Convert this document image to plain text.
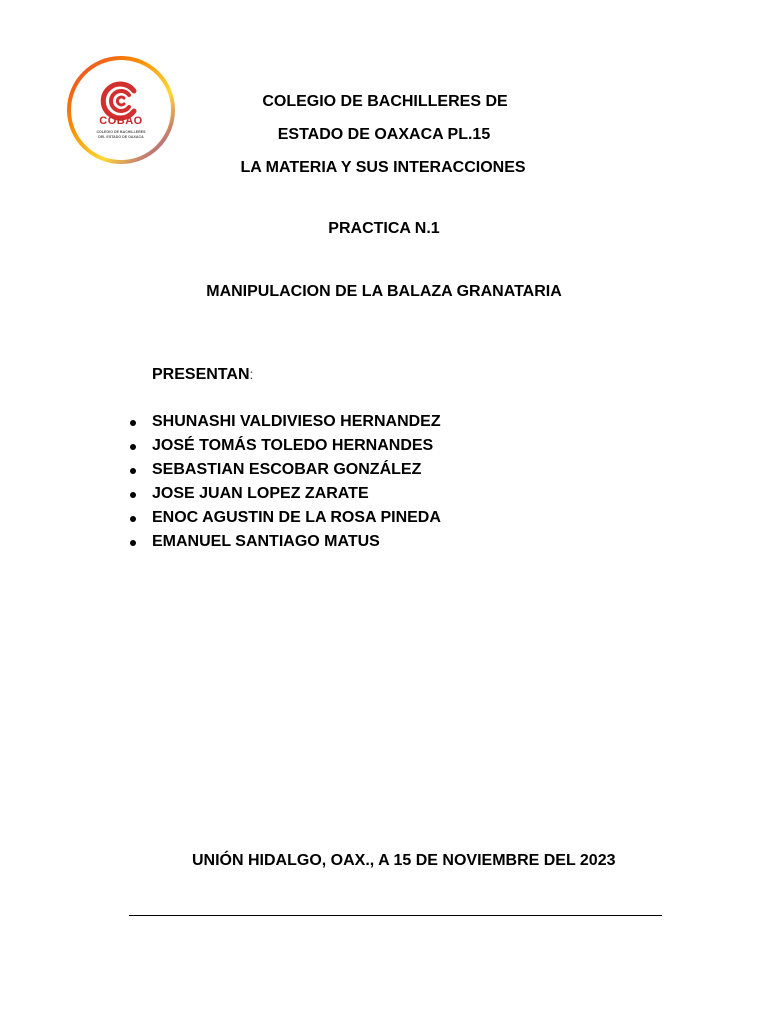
COBAO
COLEGIO DE BACHILLERES
DEL ESTADO DE OAXACA
COLEGIO DE BACHILLERES DE
ESTADO DE OAXACA PL.15
LA MATERIA Y SUS INTERACCIONES
PRACTICA N.1
MANIPULACION DE LA BALAZA GRANATARIA
PRESENTAN:
SHUNASHI VALDIVIESO HERNANDEZ
JOSÉ TOMÁS TOLEDO HERNANDES
SEBASTIAN ESCOBAR GONZÁLEZ
JOSE JUAN LOPEZ ZARATE
ENOC AGUSTIN DE LA ROSA PINEDA
EMANUEL SANTIAGO MATUS
UNIÓN HIDALGO, OAX., A 15 DE NOVIEMBRE DEL 2023
